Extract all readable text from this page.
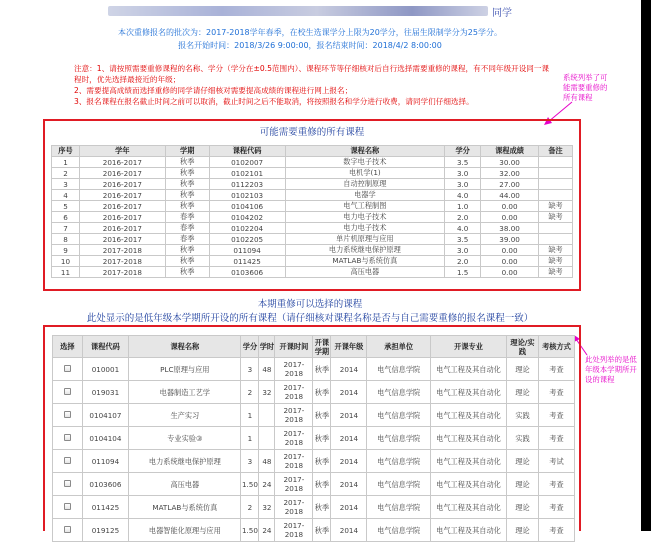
同学
本次重修报名的批次为：2017-2018学年春季，在校生选课学分上限为20学分，往届生限制学分为25学分。
报名开始时间：2018/3/26 9:00:00，报名结束时间：2018/4/2 8:00:00
注意：1、请按照需要重修课程的名称、学分（学分在±0.5范围内）、课程环节等仔细核对后自行选择需要重修的课程，有不同年级开设同一课程时，优先选择最接近的年级；
2、需要提高成绩而选择重修的同学请仔细核对需要提高成绩的课程进行网上报名；
3、报名课程在报名截止时间之前可以取消，截止时间之后不能取消，将按照报名和学分进行收费，请同学们仔细选择。
系统列举了可
能需要重修的
所有课程
可能需要重修的所有课程
序号	学年	学期	课程代码	课程名称	学分	课程成绩	备注
1	2016-2017	秋季	0102007	数字电子技术	3.5	30.00	
2	2016-2017	秋季	0102101	电机学(1)	3.0	32.00	
3	2016-2017	秋季	0112203	自动控制原理	3.0	27.00	
4	2016-2017	秋季	0102103	电器学	4.0	44.00	
5	2016-2017	秋季	0104106	电气工程制图	1.0	0.00	缺考
6	2016-2017	春季	0104202	电力电子技术	2.0	0.00	缺考
7	2016-2017	春季	0102204	电力电子技术	4.0	38.00	
8	2016-2017	春季	0102205	单片机原理与应用	3.5	39.00	
9	2017-2018	秋季	011094	电力系统继电保护原理	3.0	0.00	缺考
10	2017-2018	秋季	011425	MATLAB与系统仿真	2.0	0.00	缺考
11	2017-2018	秋季	0103606	高压电器	1.5	0.00	缺考
本期重修可以选择的课程
此处显示的是低年级本学期所开设的所有课程（请仔细核对课程名称是否与自己需要重修的报名课程一致）
此处列举的是低
年级本学期所开
设的课程
选择	课程代码	课程名称	学分	学时	开课时间	开课学期	开课年级	承担单位	开课专业	理论/实践	考核方式
	010001	PLC原理与应用	3	48	2017-2018	秋季	2014	电气信息学院	电气工程及其自动化	理论	考查
	019031	电器制造工艺学	2	32	2017-2018	秋季	2014	电气信息学院	电气工程及其自动化	理论	考查
	0104107	生产实习	1		2017-2018	秋季	2014	电气信息学院	电气工程及其自动化	实践	考查
	0104104	专业实验③	1		2017-2018	秋季	2014	电气信息学院	电气工程及其自动化	实践	考查
	011094	电力系统继电保护原理	3	48	2017-2018	秋季	2014	电气信息学院	电气工程及其自动化	理论	考试
	0103606	高压电器	1.50	24	2017-2018	秋季	2014	电气信息学院	电气工程及其自动化	理论	考查
	011425	MATLAB与系统仿真	2	32	2017-2018	秋季	2014	电气信息学院	电气工程及其自动化	理论	考查
	019125	电器智能化原理与应用	1.50	24	2017-2018	秋季	2014	电气信息学院	电气工程及其自动化	理论	考查
